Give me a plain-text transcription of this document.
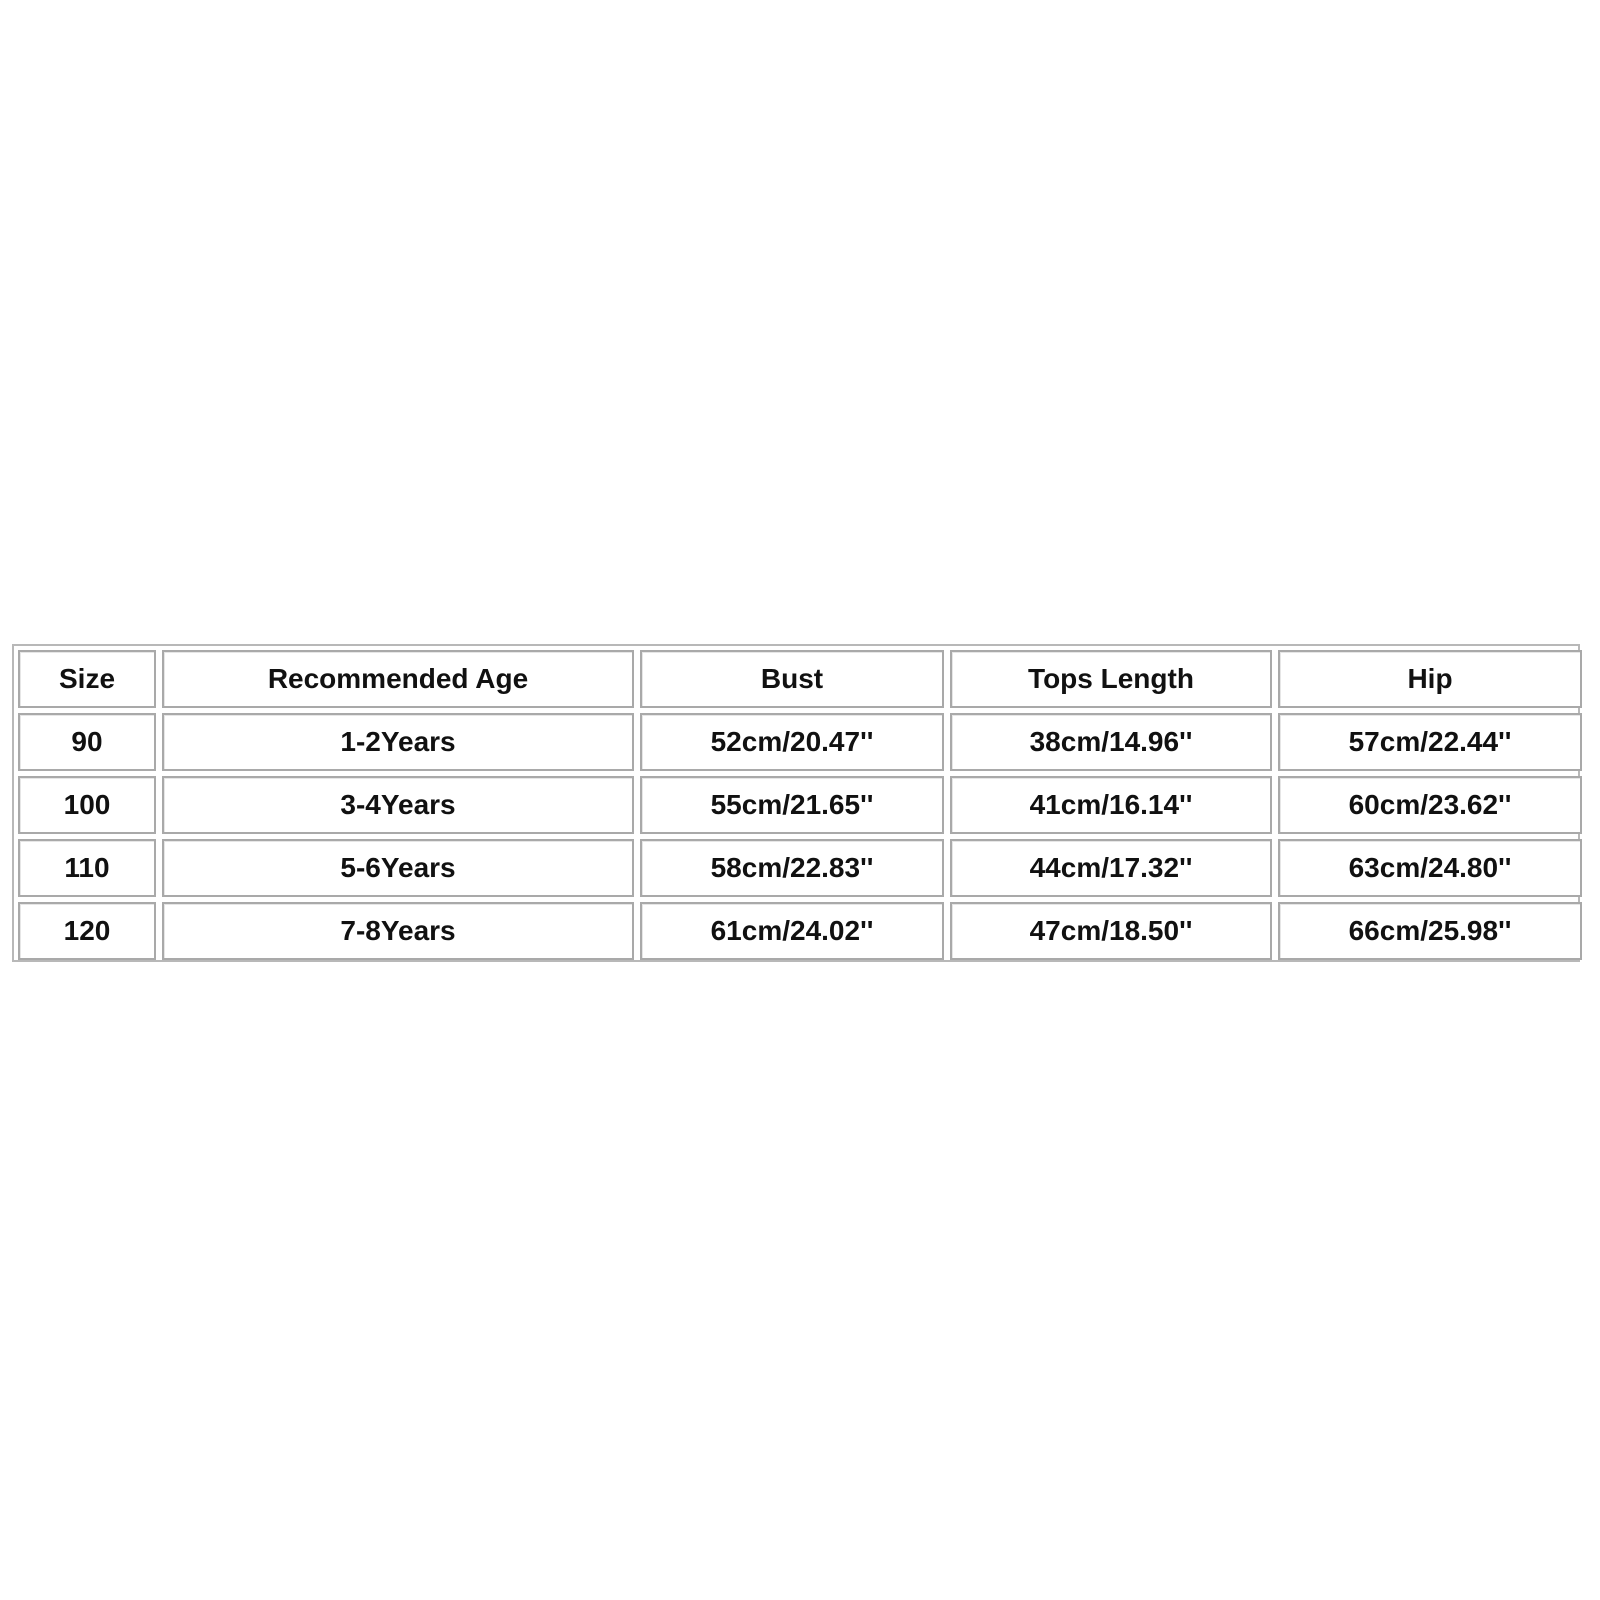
Size	Recommended Age	Bust	Tops Length	Hip
90	1-2Years	52cm/20.47''	38cm/14.96''	57cm/22.44''
100	3-4Years	55cm/21.65''	41cm/16.14''	60cm/23.62''
110	5-6Years	58cm/22.83''	44cm/17.32''	63cm/24.80''
120	7-8Years	61cm/24.02''	47cm/18.50''	66cm/25.98''
